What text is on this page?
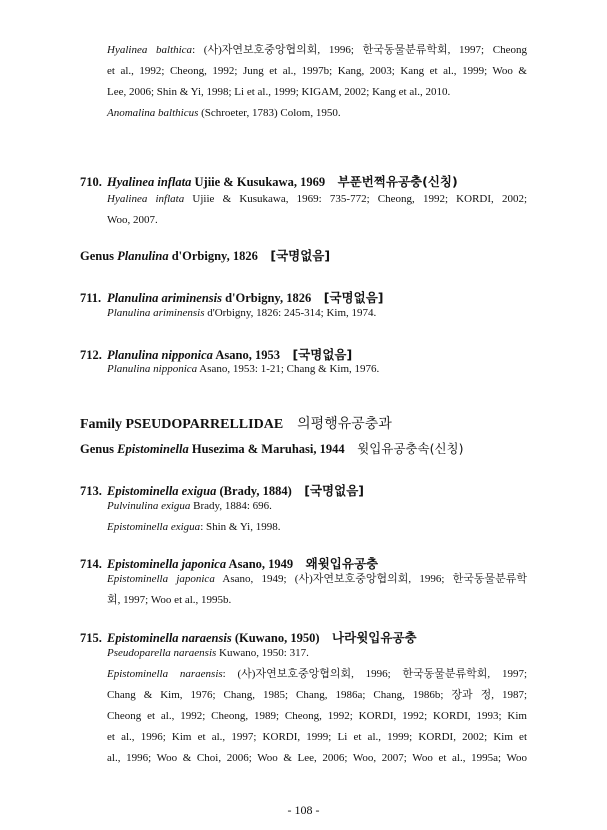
Hyalinea balthica: (사)자연보호중앙협의회, 1996; 한국동물분류학회, 1997; Cheong
et al., 1992; Cheong, 1992; Jung et al., 1997b; Kang, 2003; Kang et al., 1999; Woo &
Lee, 2006; Shin & Yi, 1998; Li et al., 1999; KIGAM, 2002; Kang et al., 2010.
Anomalina balthicus (Schroeter, 1783) Colom, 1950.
710. Hyalinea inflata Ujiie & Kusukawa, 1969 부푼번쩍유공충(신칭)
Hyalinea inflata Ujiie & Kusukawa, 1969: 735-772; Cheong, 1992; KORDI, 2002;
Woo, 2007.
Genus Planulina d'Orbigny, 1826 [국명없음]
711. Planulina ariminensis d'Orbigny, 1826 [국명없음]
Planulina ariminensis d'Orbigny, 1826: 245-314; Kim, 1974.
712. Planulina nipponica Asano, 1953 [국명없음]
Planulina nipponica Asano, 1953: 1-21; Chang & Kim, 1976.
Family PSEUDOPARRELLIDAE 의평행유공충과
Genus Epistominella Husezima & Maruhasi, 1944 윗입유공충속(신칭)
713. Epistominella exigua (Brady, 1884) [국명없음]
Pulvinulina exigua Brady, 1884: 696.
Epistominella exigua: Shin & Yi, 1998.
714. Epistominella japonica Asano, 1949 왜윗입유공충
Epistominella japonica Asano, 1949; (사)자연보호중앙협의회, 1996; 한국동물분류학
회, 1997; Woo et al., 1995b.
715. Epistominella naraensis (Kuwano, 1950) 나라윗입유공충
Pseudoparella naraensis Kuwano, 1950: 317.
Epistominella naraensis: (사)자연보호중앙협의회, 1996; 한국동물분류학회, 1997;
Chang & Kim, 1976; Chang, 1985; Chang, 1986a; Chang, 1986b; 장과 정, 1987;
Cheong et al., 1992; Cheong, 1989; Cheong, 1992; KORDI, 1992; KORDI, 1993; Kim
et al., 1996; Kim et al., 1997; KORDI, 1999; Li et al., 1999; KORDI, 2002; Kim et
al., 1996; Woo & Choi, 2006; Woo & Lee, 2006; Woo, 2007; Woo et al., 1995a; Woo
- 108 -
